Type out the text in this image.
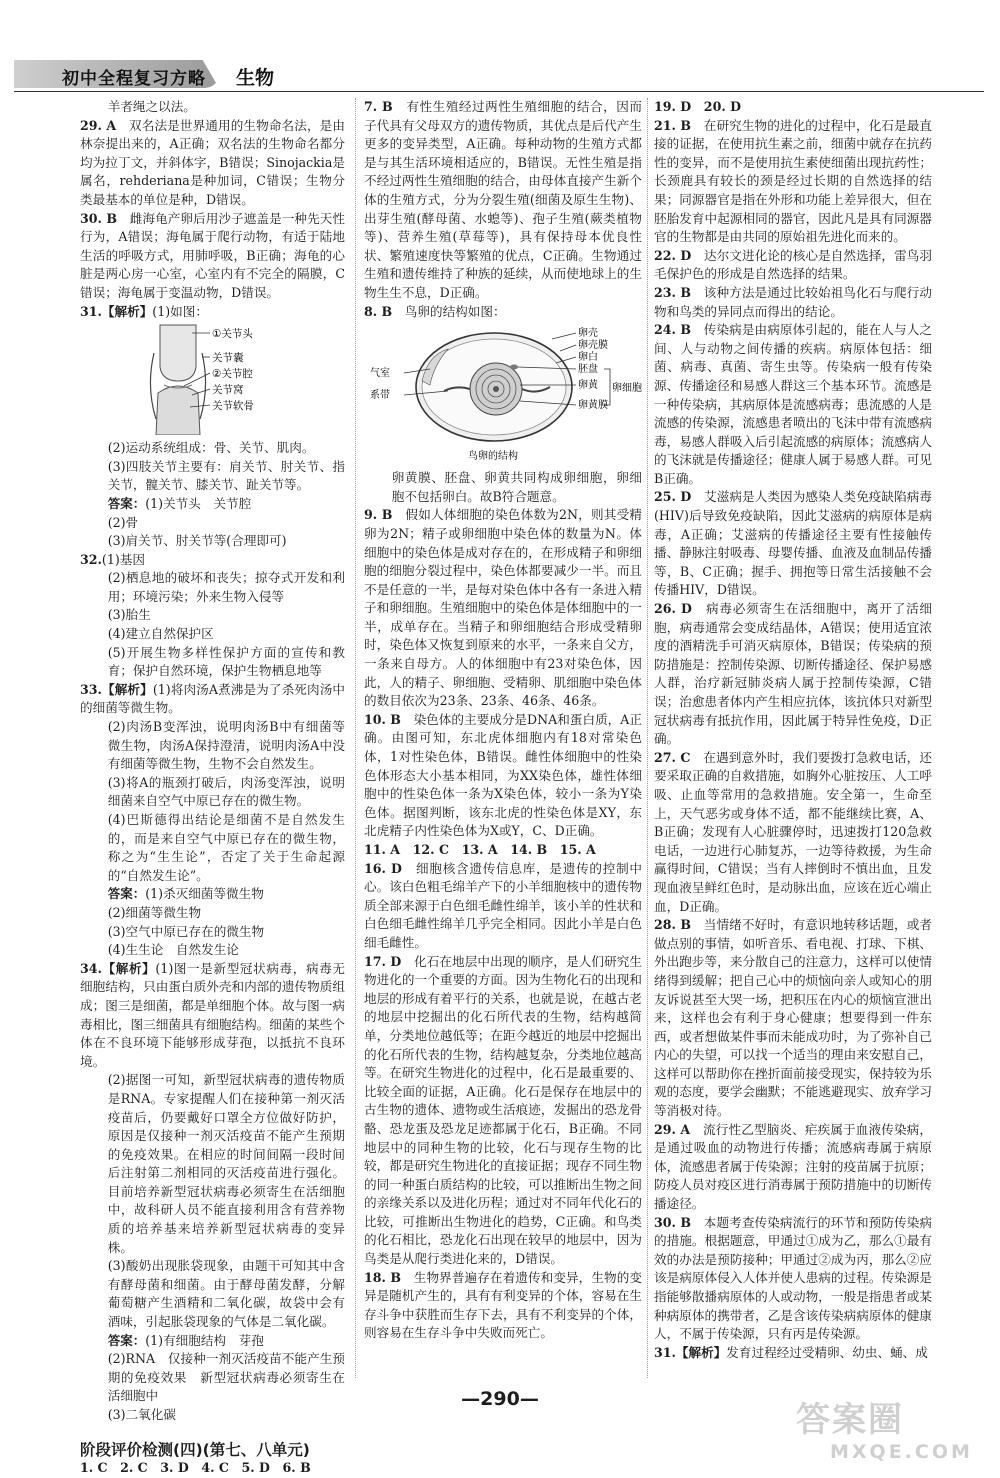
初中全程复习方略 生物

羊者绳之以法。

29. A　双名法是世界通用的生物命名法，是由林奈提出来的，A正确；双名法的生物命名都分均为拉丁文，并斜体字，B错误；Sinojackia是属名，rehderiana是种加词，C错误；生物分类最基本的单位是种，D错误。

30. B　雌海龟产卵后用沙子遮盖是一种先天性行为，A错误；海龟属于爬行动物，有适于陆地生活的呼吸方式，用肺呼吸，B正确；海龟的心脏是两心房一心室，心室内有不完全的隔膜，C错误；海龟属于变温动物，D错误。

31.【解析】(1)如图：

①关节头
关节囊
②关节腔
关节窝
关节软骨

(2)运动系统组成：骨、关节、肌肉。

(3)四肢关节主要有：肩关节、肘关节、指关节，髋关节、膝关节、趾关节等。

答案：(1)关节头　关节腔

(2)骨

(3)肩关节、肘关节等(合理即可)

32.(1)基因

(2)栖息地的破坏和丧失；掠夺式开发和利用；环境污染；外来生物入侵等

(3)胎生

(4)建立自然保护区

(5)开展生物多样性保护方面的宣传和教育；保护自然环境，保护生物栖息地等

33.【解析】(1)将肉汤A煮沸是为了杀死肉汤中的细菌等微生物。

(2)肉汤B变浑浊，说明肉汤B中有细菌等微生物，肉汤A保持澄清，说明肉汤A中没有细菌等微生物，生物不会自然发生。

(3)将A的瓶颈打破后，肉汤变浑浊，说明细菌来自空气中原已存在的微生物。

(4)巴斯德得出结论是细菌不是自然发生的，而是来自空气中原已存在的微生物，称之为“生生论”，否定了关于生命起源的“自然发生论”。

答案：(1)杀灭细菌等微生物

(2)细菌等微生物

(3)空气中原已存在的微生物

(4)生生论　自然发生论

34.【解析】(1)图一是新型冠状病毒，病毒无细胞结构，只由蛋白质外壳和内部的遗传物质组成；图三是细菌，都是单细胞个体。故与图一病毒相比，图三细菌具有细胞结构。细菌的某些个体在不良环境下能够形成芽孢，以抵抗不良环境。

(2)据图一可知，新型冠状病毒的遗传物质是RNA。专家提醒人们在接种第一剂灭活疫苗后，仍要戴好口罩全方位做好防护，原因是仅接种一剂灭活疫苗不能产生预期的免疫效果。在相应的时间间隔一段时间后注射第二剂相同的灭活疫苗进行强化。目前培养新型冠状病毒必须寄生在活细胞中，故科研人员不能直接利用含有营养物质的培养基来培养新型冠状病毒的变异株。

(3)酸奶出现胀袋现象，由题干可知其中含有酵母菌和细菌。由于酵母菌发酵，分解葡萄糖产生酒精和二氧化碳，故袋中会有酒味，引起胀袋现象的气体是二氧化碳。

答案：(1)有细胞结构　芽孢

(2)RNA　仅接种一剂灭活疫苗不能产生预期的免疫效果　新型冠状病毒必须寄生在活细胞中

(3)二氧化碳

阶段评价检测(四)(第七、八单元)

1. C　2. C　3. D　4. C　5. D　6. B

7. B　有性生殖经过两性生殖细胞的结合，因而子代具有父母双方的遗传物质，其优点是后代产生更多的变异类型，A正确。每种动物的生殖方式都是与其生活环境相适应的，B错误。无性生殖是指不经过两性生殖细胞的结合，由母体直接产生新个体的生殖方式，分为分裂生殖(细菌及原生生物)、出芽生殖(酵母菌、水螅等)、孢子生殖(蕨类植物等)、营养生殖(草莓等)，具有保持母本优良性状、繁殖速度快等繁殖的优点，C正确。生物通过生殖和遗传维持了种族的延续，从而使地球上的生物生生不息，D正确。

8. B　鸟卵的结构如图：

卵壳
卵壳膜
卵白
胚盘
卵黄
卵黄膜
卵细胞
气室
系带
鸟卵的结构

卵黄膜、胚盘、卵黄共同构成卵细胞，卵细胞不包括卵白。故B符合题意。

9. B　假如人体细胞的染色体数为2N，则其受精卵为2N；精子或卵细胞中染色体的数量为N。体细胞中的染色体是成对存在的，在形成精子和卵细胞的细胞分裂过程中，染色体都要减少一半。而且不是任意的一半，是每对染色体中各有一条进入精子和卵细胞。生殖细胞中的染色体是体细胞中的一半，成单存在。当精子和卵细胞结合形成受精卵时，染色体又恢复到原来的水平，一条来自父方，一条来自母方。人的体细胞中有23对染色体，因此，人的精子、卵细胞、受精卵、肌细胞中染色体的数目依次为23条、23条、46条、46条。

10. B　染色体的主要成分是DNA和蛋白质，A正确。由图可知，东北虎体细胞内有18对常染色体，1对性染色体，B错误。雌性体细胞中的性染色体形态大小基本相同，为XX染色体，雄性体细胞中的性染色体一条为X染色体，较小一条为Y染色体。据图判断，该东北虎的性染色体是XY，东北虎精子内性染色体为X或Y，C、D正确。

11. A　12. C　13. A　14. B　15. A

16. D　细胞核含遗传信息库，是遗传的控制中心。该白色粗毛绵羊产下的小羊细胞核中的遗传物质全部来源于白色细毛雌性绵羊，该小羊的性状和白色细毛雌性绵羊几乎完全相同。因此小羊是白色细毛雌性。

17. D　化石在地层中出现的顺序，是人们研究生物进化的一个重要的方面。因为生物化石的出现和地层的形成有着平行的关系，也就是说，在越古老的地层中挖掘出的化石所代表的生物，结构越简单，分类地位越低等；在距今越近的地层中挖掘出的化石所代表的生物，结构越复杂，分类地位越高等。在研究生物进化的过程中，化石是最重要的、比较全面的证据，A正确。化石是保存在地层中的古生物的遗体、遗物或生活痕迹，发掘出的恐龙骨骼、恐龙蛋及恐龙足迹都属于化石，B正确。不同地层中的同种生物的比较，化石与现存生物的比较，都是研究生物进化的直接证据；现存不同生物的同一种蛋白质结构的比较，可以推断出生物之间的亲缘关系以及进化历程；通过对不同年代化石的比较，可推断出生物进化的趋势，C正确。和鸟类的化石相比，恐龙化石出现在较早的地层中，因为鸟类是从爬行类进化来的，D错误。

18. B　生物界普遍存在着遗传和变异，生物的变异是随机产生的，具有有利变异的个体，容易在生存斗争中获胜而生存下去，具有不利变异的个体，则容易在生存斗争中失败而死亡。

19. D　20. D

21. B　在研究生物的进化的过程中，化石是最直接的证据，在使用抗生素之前，细菌中就存在抗药性的变异，而不是使用抗生素使细菌出现抗药性；长颈鹿具有较长的颈是经过长期的自然选择的结果；同源器官是指在外形和功能上差异很大，但在胚胎发育中起源相同的器官，因此凡是具有同源器官的生物都是由共同的原始祖先进化而来的。

22. D　达尔文进化论的核心是自然选择，雷鸟羽毛保护色的形成是自然选择的结果。

23. B　该种方法是通过比较始祖鸟化石与爬行动物和鸟类的异同点而得出的结论。

24. B　传染病是由病原体引起的，能在人与人之间、人与动物之间传播的疾病。病原体包括：细菌、病毒、真菌、寄生虫等。传染病一般有传染源、传播途径和易感人群这三个基本环节。流感是一种传染病，其病原体是流感病毒；患流感的人是流感的传染源，流感患者喷出的飞沫中带有流感病毒，易感人群吸入后引起流感的病原体；流感病人的飞沫就是传播途径；健康人属于易感人群。可见B正确。

25. D　艾滋病是人类因为感染人类免疫缺陷病毒(HIV)后导致免疫缺陷，因此艾滋病的病原体是病毒，A正确；艾滋病的传播途径主要有性接触传播、静脉注射吸毒、母婴传播、血液及血制品传播等，B、C正确；握手、拥抱等日常生活接触不会传播HIV，D错误。

26. D　病毒必须寄生在活细胞中，离开了活细胞，病毒通常会变成结晶体，A错误；使用适宜浓度的酒精洗手可消灭病原体，B错误；传染病的预防措施是：控制传染源、切断传播途径、保护易感人群，治疗新冠肺炎病人属于控制传染源，C错误；治愈患者体内产生相应抗体，该抗体只对新型冠状病毒有抵抗作用，因此属于特异性免疫，D正确。

27. C　在遇到意外时，我们要拨打急救电话，还要采取正确的自救措施，如胸外心脏按压、人工呼吸、止血等常用的急救措施。安全第一，生命至上，天气恶劣或身体不适，都不能继续比赛，A、B正确；发现有人心脏骤停时，迅速拨打120急救电话，一边进行心肺复苏，一边等待救援，为生命赢得时间，C错误；当有人摔倒时不慎出血，且发现血液呈鲜红色时，是动脉出血，应该在近心端止血，D正确。

28. B　当情绪不好时，有意识地转移话题，或者做点别的事情，如听音乐、看电视、打球、下棋、外出跑步等，来分散自己的注意力，这样可以使情绪得到缓解；把自己心中的烦恼向亲人或知心的朋友诉说甚至大哭一场，把积压在内心的烦恼宣泄出来，这样也会有利于身心健康；想要得到一件东西，或者想做某件事而未能成功时，为了弥补自己内心的失望，可以找一个适当的理由来安慰自己，这样可以帮助你在挫折面前接受现实，保持较为乐观的态度，要学会幽默；不能逃避现实、放弃学习等消极对待。

29. A　流行性乙型脑炎、疟疾属于血液传染病，是通过吸血的动物进行传播；流感病毒属于病原体，流感患者属于传染源；注射的疫苗属于抗原；防疫人员对疫区进行消毒属于预防措施中的切断传播途径。

30. B　本题考查传染病流行的环节和预防传染病的措施。根据题意，甲通过①成为乙，那么①最有效的办法是预防接种；甲通过②成为丙，那么②应该是病原体侵入人体并使人患病的过程。传染源是指能够散播病原体的人或动物，一般是指患者或某种病原体的携带者，乙是含该传染病病原体的健康人，不属于传染源，只有丙是传染源。

31.【解析】发育过程经过受精卵、幼虫、蛹、成

—290—
答案圈
MXQE.COM
